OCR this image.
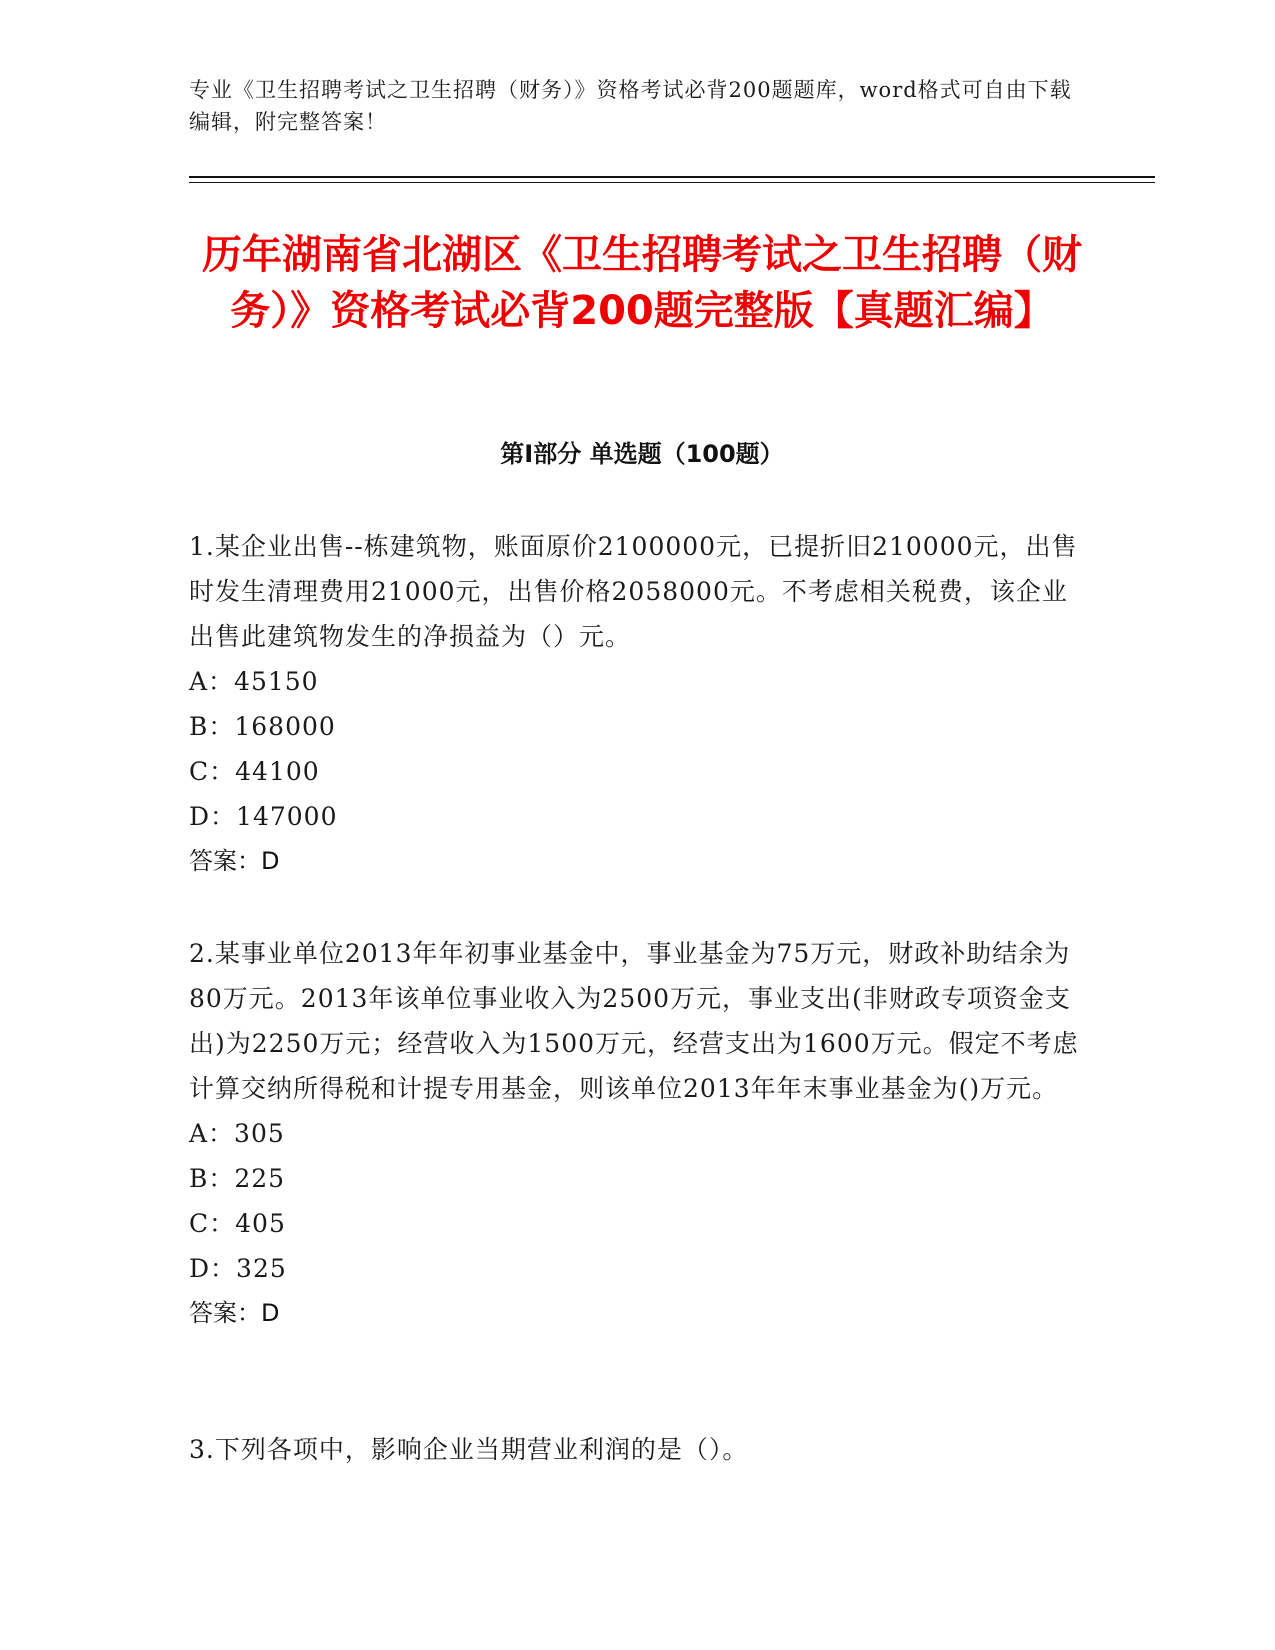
专业《卫生招聘考试之卫生招聘（财务）》资格考试必背200题题库，word格式可自由下载编辑，附完整答案！
历年湖南省北湖区《卫生招聘考试之卫生招聘（财务）》资格考试必背200题完整版【真题汇编】
第I部分 单选题（100题）
1.某企业出售--栋建筑物，账面原价2100000元，已提折旧210000元，出售时发生清理费用21000元，出售价格2058000元。不考虑相关税费，该企业出售此建筑物发生的净损益为（）元。
A：45150
B：168000
C：44100
D：147000
答案：D
2.某事业单位2013年年初事业基金中，事业基金为75万元，财政补助结余为80万元。2013年该单位事业收入为2500万元，事业支出(非财政专项资金支出)为2250万元；经营收入为1500万元，经营支出为1600万元。假定不考虑计算交纳所得税和计提专用基金，则该单位2013年年末事业基金为()万元。
A：305
B：225
C：405
D：325
答案：D
3.下列各项中，影响企业当期营业利润的是（）。
